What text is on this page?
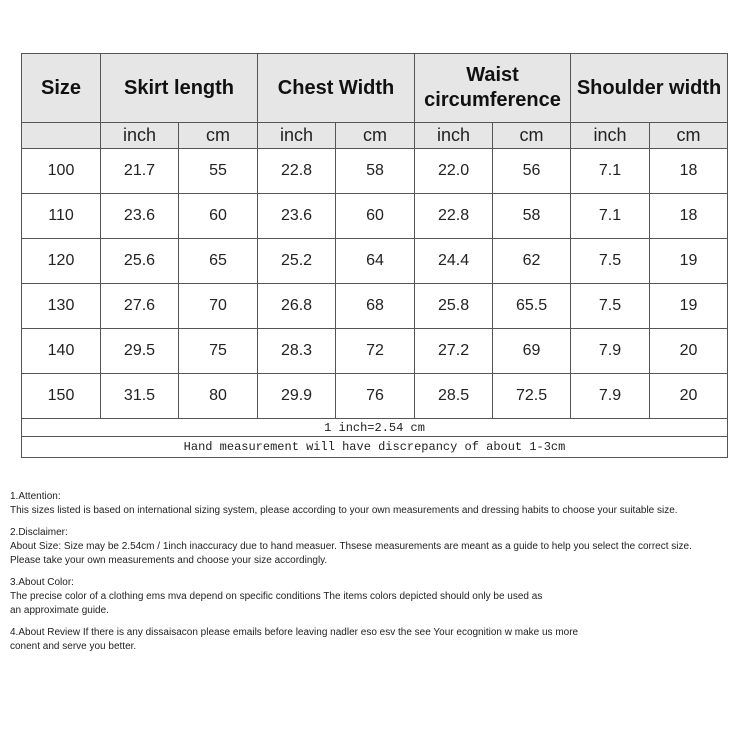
Size	Skirt length		Chest Width		Waist circumference		Shoulder width	
	inch	cm	inch	cm	inch	cm	inch	cm
100	21.7	55	22.8	58	22.0	56	7.1	18
110	23.6	60	23.6	60	22.8	58	7.1	18
120	25.6	65	25.2	64	24.4	62	7.5	19
130	27.6	70	26.8	68	25.8	65.5	7.5	19
140	29.5	75	28.3	72	27.2	69	7.9	20
150	31.5	80	29.9	76	28.5	72.5	7.9	20
1 inch=2.54 cm								
Hand measurement will have discrepancy of about 1-3cm								

1.Attention:

This sizes listed is based on international sizing system, please according to your own measurements and dressing habits to choose your suitable size.

2.Disclaimer:

About Size: Size may be 2.54cm / 1inch inaccuracy due to hand measuer. Thsese measurements are meant as a guide to help you select the correct size.

Please take your own measurements and choose your size accordingly.

3.About Color:

The precise color of a clothing ems mva depend on specific conditions The items colors depicted should only be used as

an approximate guide.

4.About Review If there is any dissaisacon please emails before leaving nadler eso esv the see Your ecognition w make us more

conent and serve you better.
